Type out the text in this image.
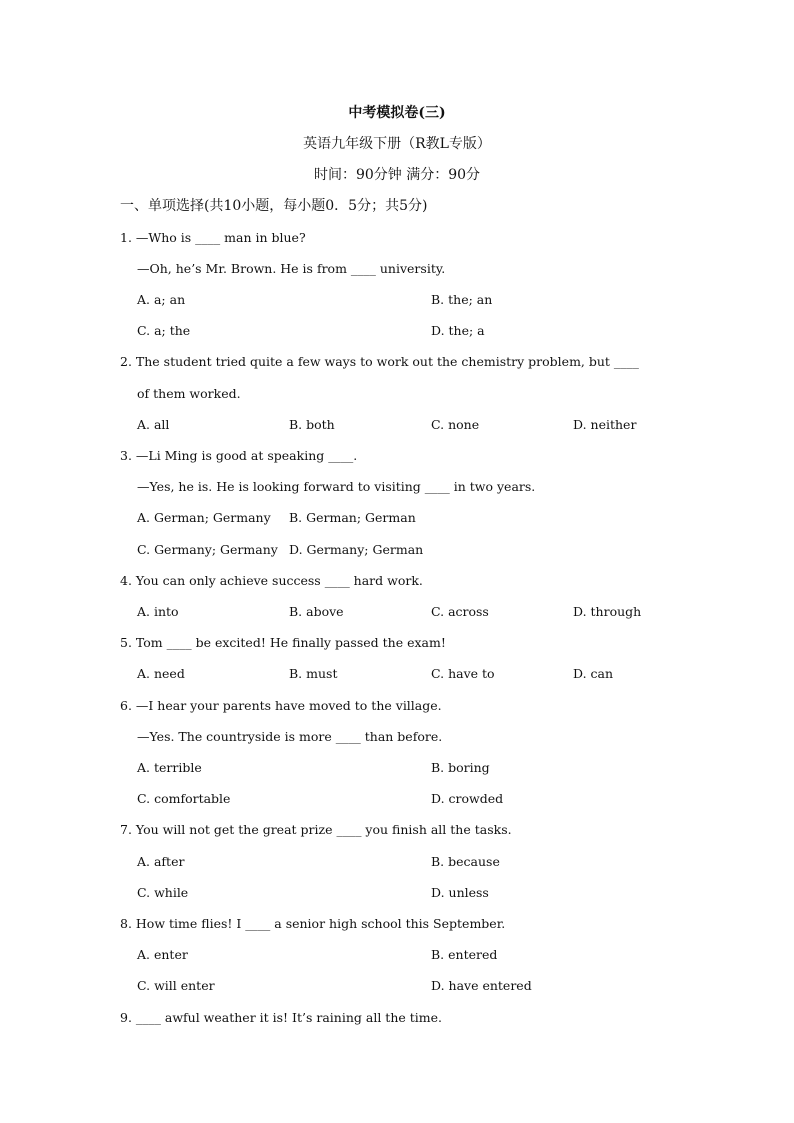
中考模拟卷(三)
英语九年级下册（R教L专版）
时间：90分钟 满分：90分
一、单项选择(共10小题，每小题0．5分；共5分)
1. —Who is ____ man in blue?
—Oh, he’s Mr. Brown. He is from ____ university.
A. a; an	B. the; an
C. a; the	D. the; a
2. The student tried quite a few ways to work out the chemistry problem, but ____
of them worked.
A. all	B. both	C. none	D. neither
3. —Li Ming is good at speaking ____.
—Yes, he is. He is looking forward to visiting ____ in two years.
A. German; Germany B. German; German
C. Germany; Germany D. Germany; German
4. You can only achieve success ____ hard work.
A. into	B. above	C. across	D. through
5. Tom ____ be excited! He finally passed the exam!
A. need	B. must	C. have to	D. can
6. —I hear your parents have moved to the village.
—Yes. The countryside is more ____ than before.
A. terrible	B. boring
C. comfortable	D. crowded
7. You will not get the great prize ____ you finish all the tasks.
A. after	B. because
C. while	D. unless
8. How time flies! I ____ a senior high school this September.
A. enter	B. entered
C. will enter	D. have entered
9. ____ awful weather it is! It’s raining all the time.
